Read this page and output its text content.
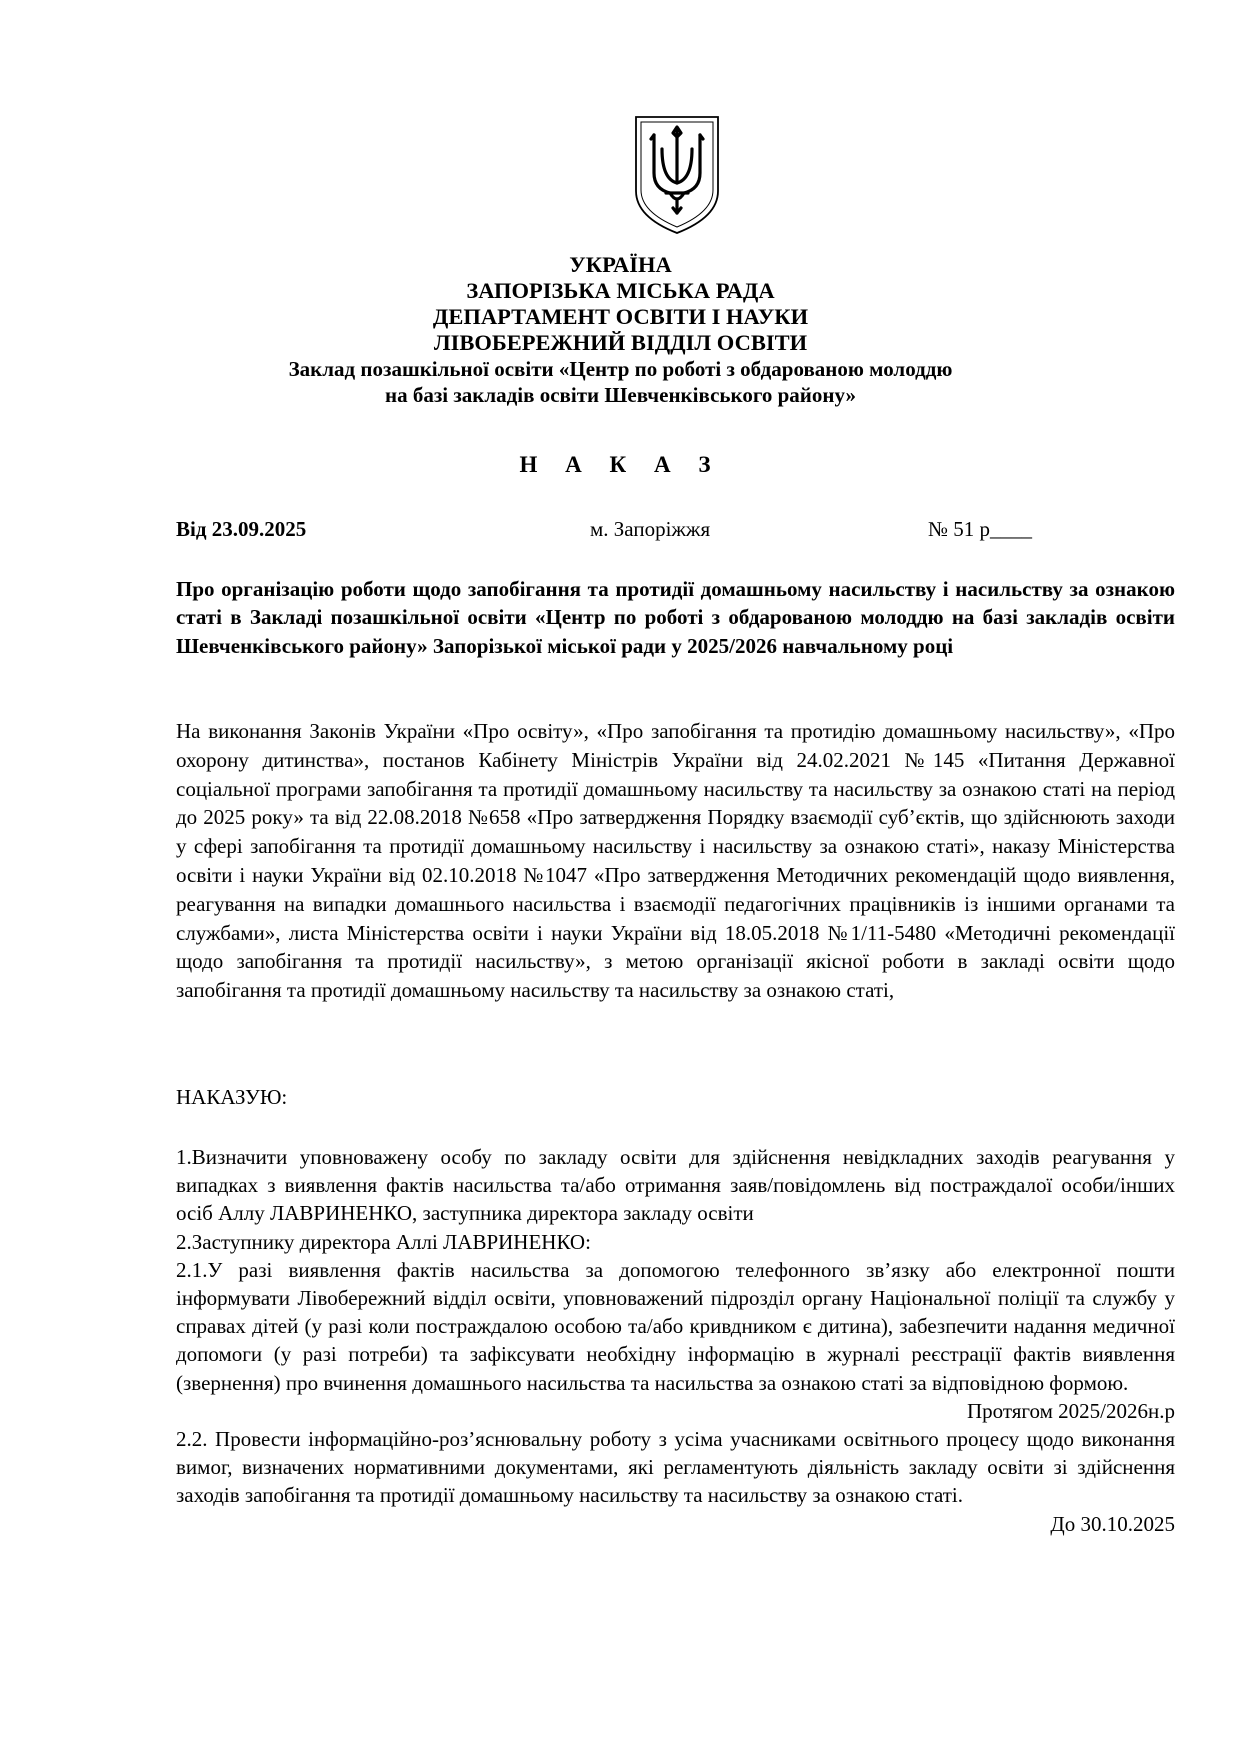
УКРАЇНА
ЗАПОРІЗЬКА МІСЬКА РАДА
ДЕПАРТАМЕНТ ОСВІТИ І НАУКИ
ЛІВОБЕРЕЖНИЙ ВІДДІЛ ОСВІТИ
Заклад позашкільної освіти «Центр по роботі з обдарованою молоддю
на базі закладів освіти Шевченківського району»
Н А К А З
Від 23.09.2025	м. Запоріжжя	№ 51 р____

Про організацію роботи щодо запобігання та протидії домашньому насильству і насильству за ознакою статі в Закладі позашкільної освіти «Центр по роботі з обдарованою молоддю на базі закладів освіти Шевченківського району» Запорізької міської ради у 2025/2026 навчальному році

На виконання Законів України «Про освіту», «Про запобігання та протидію домашньому насильству», «Про охорону дитинства», постанов Кабінету Міністрів України від 24.02.2021 №145 «Питання Державної соціальної програми запобігання та протидії домашньому насильству та насильству за ознакою статі на період до 2025 року» та від 22.08.2018 №658 «Про затвердження Порядку взаємодії суб’єктів, що здійснюють заходи у сфері запобігання та протидії домашньому насильству і насильству за ознакою статі», наказу Міністерства освіти і науки України від 02.10.2018 №1047 «Про затвердження Методичних рекомендацій щодо виявлення, реагування на випадки домашнього насильства і взаємодії педагогічних працівників із іншими органами та службами», листа Міністерства освіти і науки України від 18.05.2018 №1/11-5480 «Методичні рекомендації щодо запобігання та протидії насильству», з метою організації якісної роботи в закладі освіти щодо запобігання та протидії домашньому насильству та насильству за ознакою статі,

НАКАЗУЮ:

1.Визначити уповноважену особу по закладу освіти для здійснення невідкладних заходів реагування у випадках з виявлення фактів насильства та/або отримання заяв/повідомлень від постраждалої особи/інших осіб Аллу ЛАВРИНЕНКО, заступника директора закладу освіти

2.Заступнику директора Аллі ЛАВРИНЕНКО:

2.1.У разі виявлення фактів насильства за допомогою телефонного зв’язку або електронної пошти інформувати Лівобережний відділ освіти, уповноважений підрозділ органу Національної поліції та службу у справах дітей (у разі коли постраждалою особою та/або кривдником є дитина), забезпечити надання медичної допомоги (у разі потреби) та зафіксувати необхідну інформацію в журналі реєстрації фактів виявлення (звернення) про вчинення домашнього насильства та насильства за ознакою статі за відповідною формою.

Протягом 2025/2026н.р

2.2. Провести інформаційно-роз’яснювальну роботу з усіма учасниками освітнього процесу щодо виконання вимог, визначених нормативними документами, які регламентують діяльність закладу освіти зі здійснення заходів запобігання та протидії домашньому насильству та насильству за ознакою статі.

До 30.10.2025
